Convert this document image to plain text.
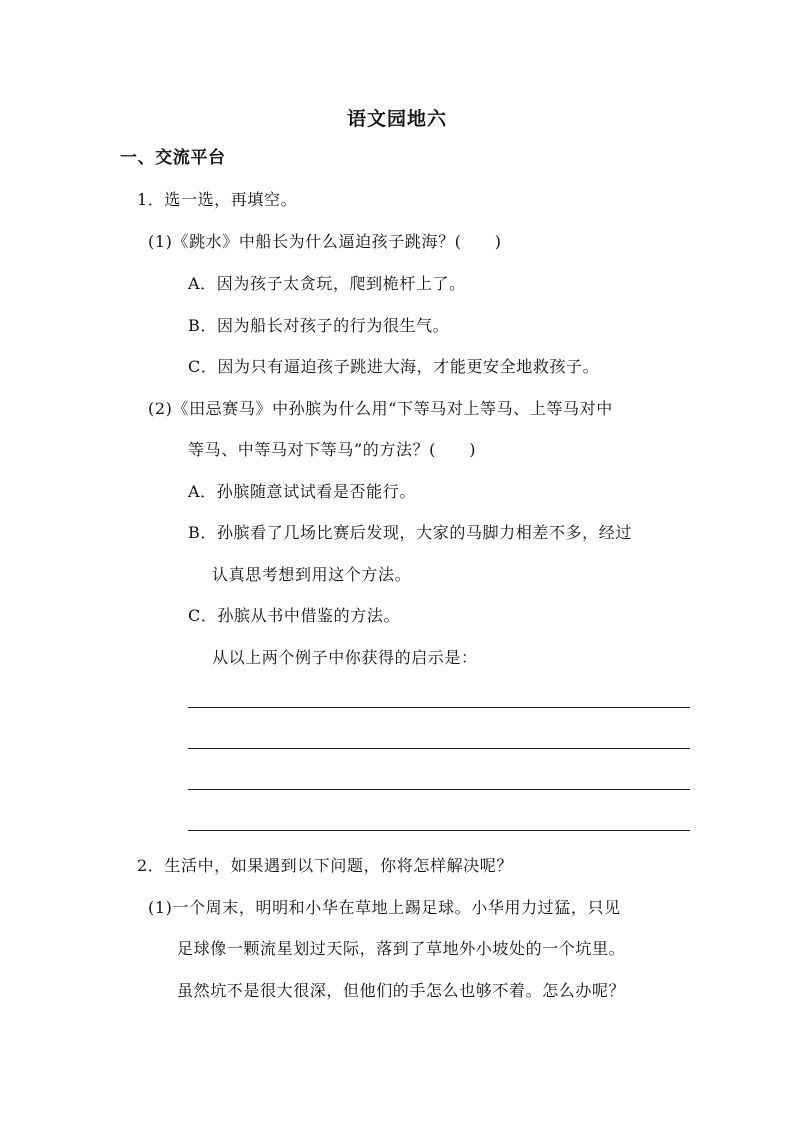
语文园地六
一、交流平台
1．选一选，再填空。
(1)《跳水》中船长为什么逼迫孩子跳海？(　　)
A．因为孩子太贪玩，爬到桅杆上了。
B．因为船长对孩子的行为很生气。
C．因为只有逼迫孩子跳进大海，才能更安全地救孩子。
(2)《田忌赛马》中孙膑为什么用“下等马对上等马、上等马对中
等马、中等马对下等马”的方法？(　　)
A．孙膑随意试试看是否能行。
B．孙膑看了几场比赛后发现，大家的马脚力相差不多，经过
认真思考想到用这个方法。
C．孙膑从书中借鉴的方法。
从以上两个例子中你获得的启示是：
2．生活中，如果遇到以下问题，你将怎样解决呢？
(1)一个周末，明明和小华在草地上踢足球。小华用力过猛，只见
足球像一颗流星划过天际，落到了草地外小坡处的一个坑里。
虽然坑不是很大很深，但他们的手怎么也够不着。怎么办呢？
